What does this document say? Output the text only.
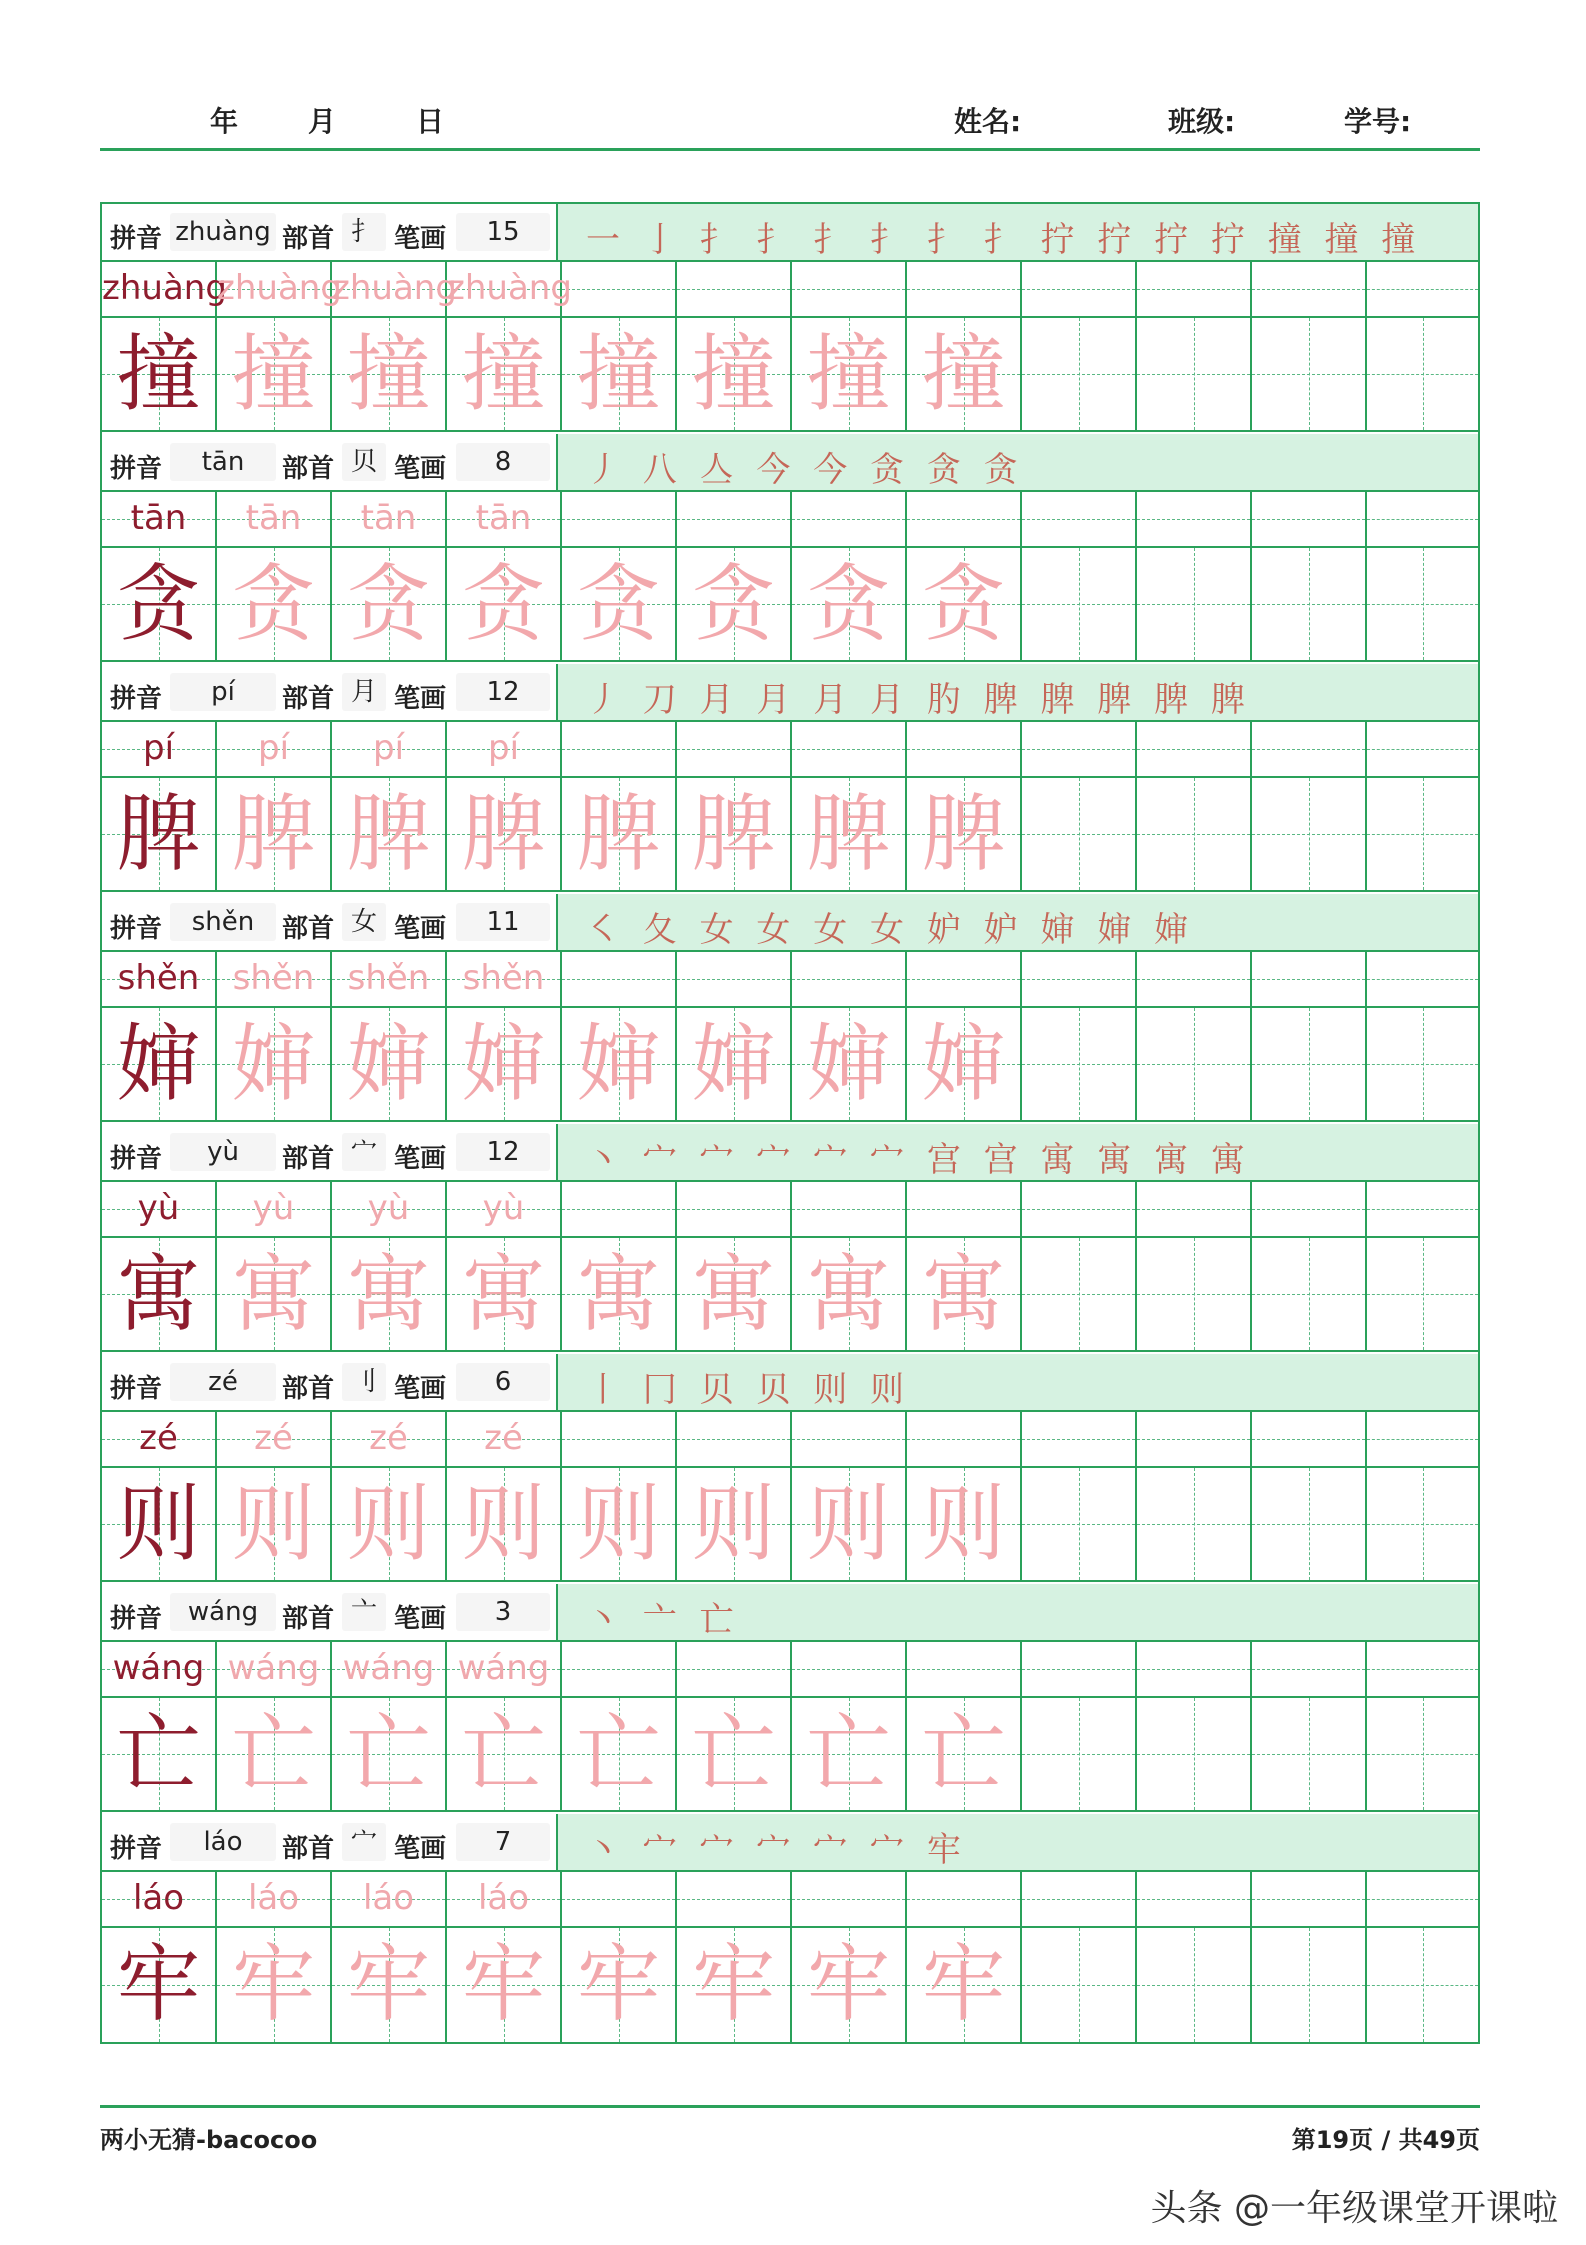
年 月	日	姓名:	班级:	学号:
拼音 zhuàng 部首 扌 笔画	15	一 亅 扌 扌 扌 扌 扌 扌 拧 拧 拧 拧 撞 撞 撞
zhuàng
zhuàng
zhuàng
zhuàng
撞 撞 撞 撞 撞 撞 撞 撞
拼音	tān	部首 贝 笔画	8	丿 八 亼 今 今 贪 贪 贪
tān	tān	tān	tān
贪 贪 贪 贪 贪 贪 贪 贪
拼音	pí	部首 月 笔画	12	丿 刀 月 月 月 月 肑 脾 脾 脾 脾 脾
pí	pí	pí	pí
脾 脾 脾 脾 脾 脾 脾 脾
拼音	shěn	部首 女 笔画	11	㇛ 夂 女 女 女 女 妒 妒 婶 婶 婶
shěn shěn shěn shěn
婶 婶 婶 婶 婶 婶 婶 婶
拼音	yù	部首 宀 笔画	12	丶 宀 宀 宀 宀 宀 宫 宫 寓 寓 寓 寓
yù	yù	yù	yù
寓 寓 寓 寓 寓 寓 寓 寓
拼音	zé	部首 刂 笔画	6	丨 冂 贝 贝 则 则
zé	zé	zé	zé
则 则 则 则 则 则 则 则
拼音 wáng 部首 亠 笔画	3	丶 亠 亡
wáng wáng wáng wáng
亡 亡 亡 亡 亡 亡 亡 亡
拼音	láo	部首 宀 笔画	7	丶 宀 宀 宀 宀 宀 牢
láo	láo	láo	láo
牢 牢 牢 牢 牢 牢 牢 牢
两小无猜-bacocoo	第19页 / 共49页
头条 @一年级课堂开课啦
